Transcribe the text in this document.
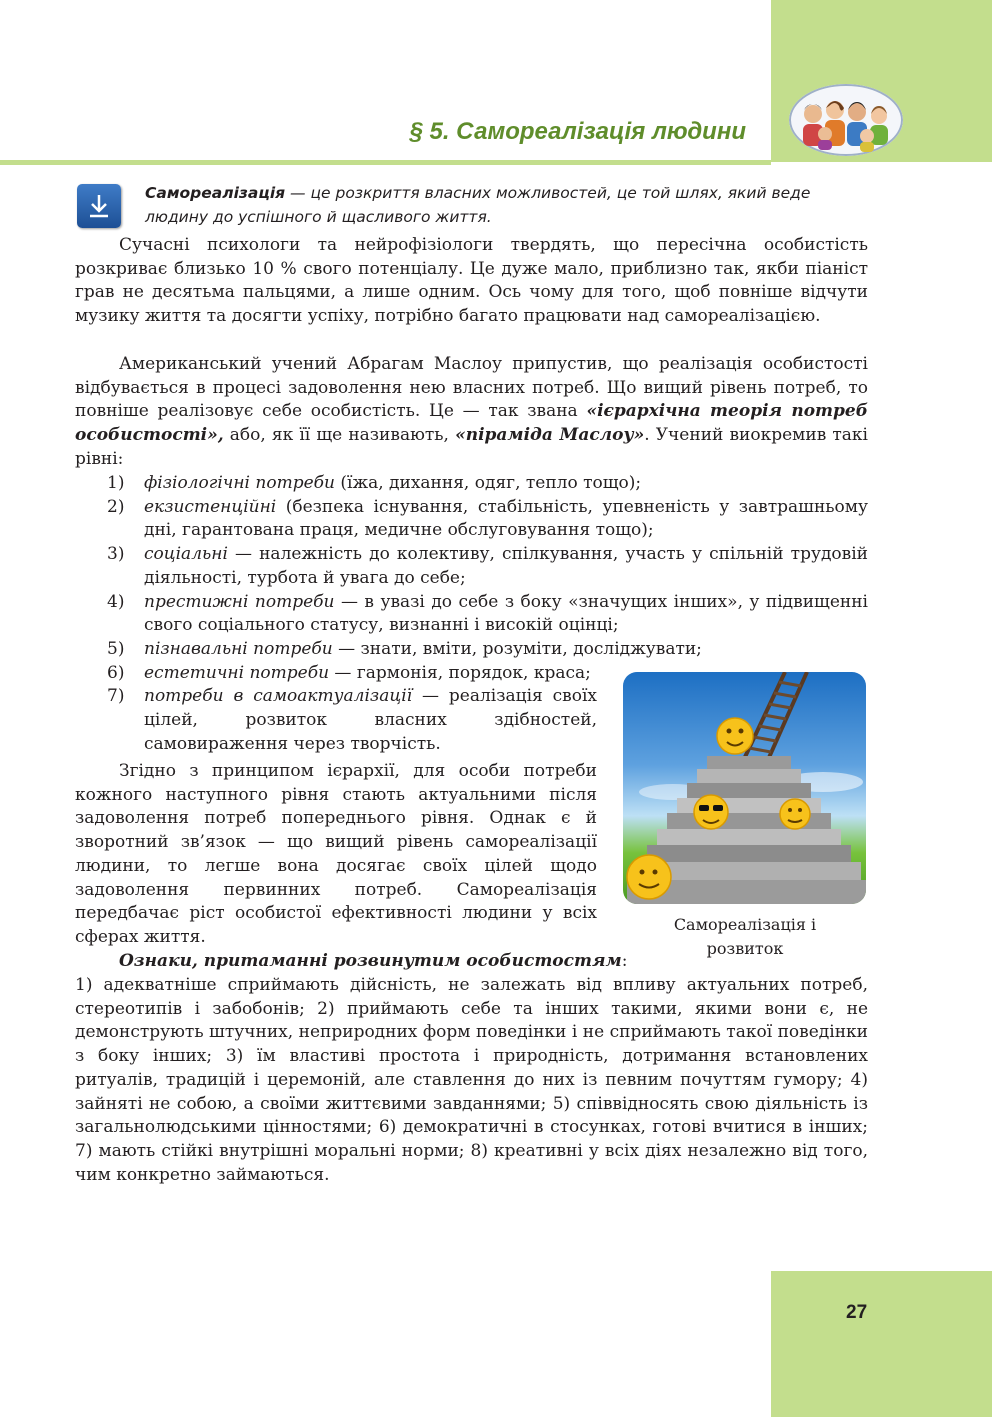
§ 5. Самореалізація людини

Самореалізація — це розкриття власних можливостей, це той шлях, який веде людину до успішного й щасливого життя.

Сучасні психологи та нейрофізіологи твердять, що пересічна особистість розкриває близько 10 % свого потенціалу. Це дуже мало, приблизно так, якби піаніст грав не десятьма пальцями, а лише одним. Ось чому для того, щоб повніше відчути музику життя та досягти успіху, потрібно багато працювати над самореалізацією.

Американський учений Абрагам Маслоу припустив, що реалізація особистості відбувається в процесі задоволення нею власних потреб. Що вищий рівень потреб, то повніше реалізовує себе особистість. Це — так звана «ієрархічна теорія потреб особистості», або, як її ще називають, «піраміда Маслоу». Учений виокремив такі рівні:

1) фізіологічні потреби (їжа, дихання, одяг, тепло тощо);
2) екзистенційні (безпека існування, стабільність, упевненість у завтрашньому дні, гарантована праця, медичне обслуговування тощо);
3) соціальні — належність до колективу, спілкування, участь у спільній трудовій діяльності, турбота й увага до себе;
4) престижні потреби — в увазі до себе з боку «значущих інших», у підвищенні свого соціального статусу, визнанні і високій оцінці;
5) пізнавальні потреби — знати, вміти, розуміти, досліджувати;
6) естетичні потреби — гармонія, порядок, краса;
7) потреби в самоактуалізації — реалізація своїх цілей, розвиток власних здібностей, самовираження через творчість.

Згідно з принципом ієрархії, для особи потреби кожного наступного рівня стають актуальними після задоволення потреб попереднього рівня. Однак є й зворотний зв’язок — що вищий рівень самореалізації людини, то легше вона досягає своїх цілей щодо задоволення первинних потреб. Самореалізація передбачає ріст особистої ефективності людини у всіх сферах життя.

Ознаки, притаманні розвинутим особистостям:

1) адекватніше сприймають дійсність, не залежать від впливу актуальних потреб, стереотипів і забобонів; 2) приймають себе та інших такими, якими вони є, не демонструють штучних, неприродних форм поведінки і не сприймають такої поведінки з боку інших; 3) їм властиві простота і природність, дотримання встановлених ритуалів, традицій і церемоній, але ставлення до них із певним почуттям гумору; 4) зайняті не собою, а своїми життєвими завданнями; 5) співвідносять свою діяльність із загальнолюдськими цінностями; 6) демократичні в стосунках, готові вчитися в інших; 7) мають стійкі внутрішні моральні норми; 8) креативні у всіх діях незалежно від того, чим конкретно займаються.

Самореалізація і розвиток

27
